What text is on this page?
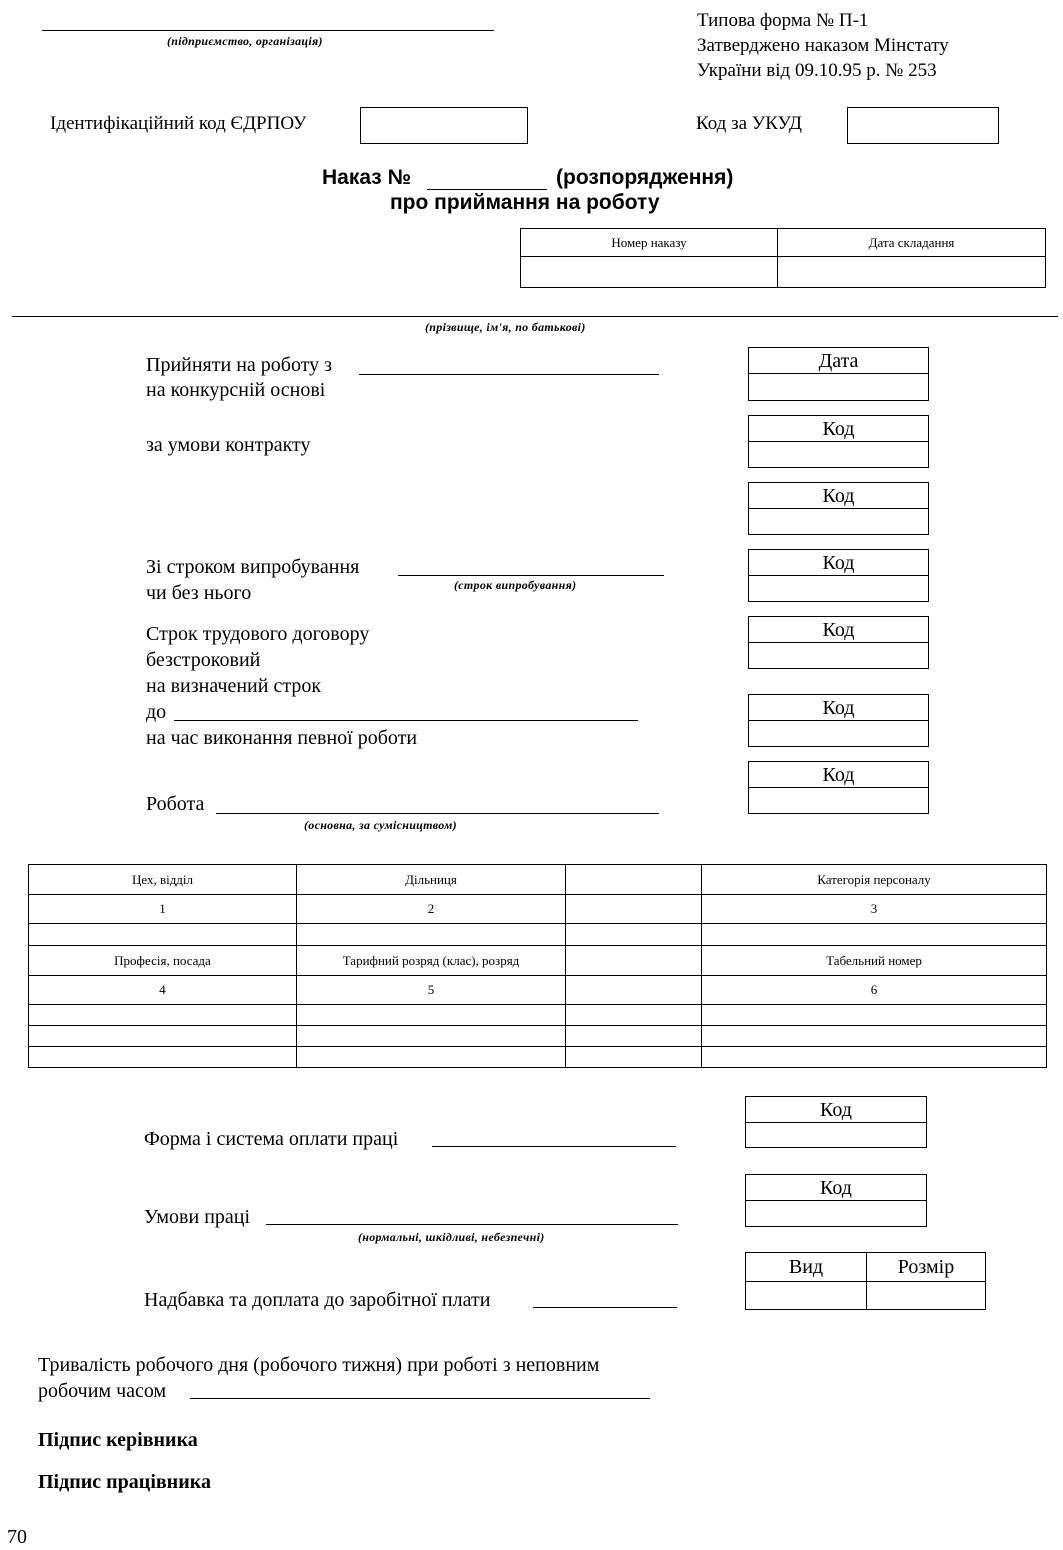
(підприємство, організація)
Типова форма № П-1
Затверджено наказом Мінстату
України від 09.10.95 р. № 253
Ідентифікаційний код ЄДРПОУ	Код за УКУД
Наказ №	(розпорядження)
про приймання на роботу
Номер наказу	Дата складання

(прізвище, ім'я, по батькові)
Прийняти на роботу з
на конкурсній основі
за умови контракту
Зі строком випробування
чи без нього	(строк випробування)
Строк трудового договору
безстроковий
на визначений строк
до
на час виконання певної роботи
Робота
(основна, за сумісництвом)
Дата
Код
Код
Код
Код
Код
Код
Цех, відділ	Дільниця		Категорія персоналу
1	2		3

Професія, посада	Тарифний розряд (клас), розряд		Табельний номер
4	5		6

Форма і система оплати праці
Код
Умови праці
(нормальні, шкідливі, небезпечні)
Код
Надбавка та доплата до заробітної плати
Вид	Розмір

Тривалість робочого дня (робочого тижня) при роботі з неповним
робочим часом
Підпис керівника
Підпис працівника
70
